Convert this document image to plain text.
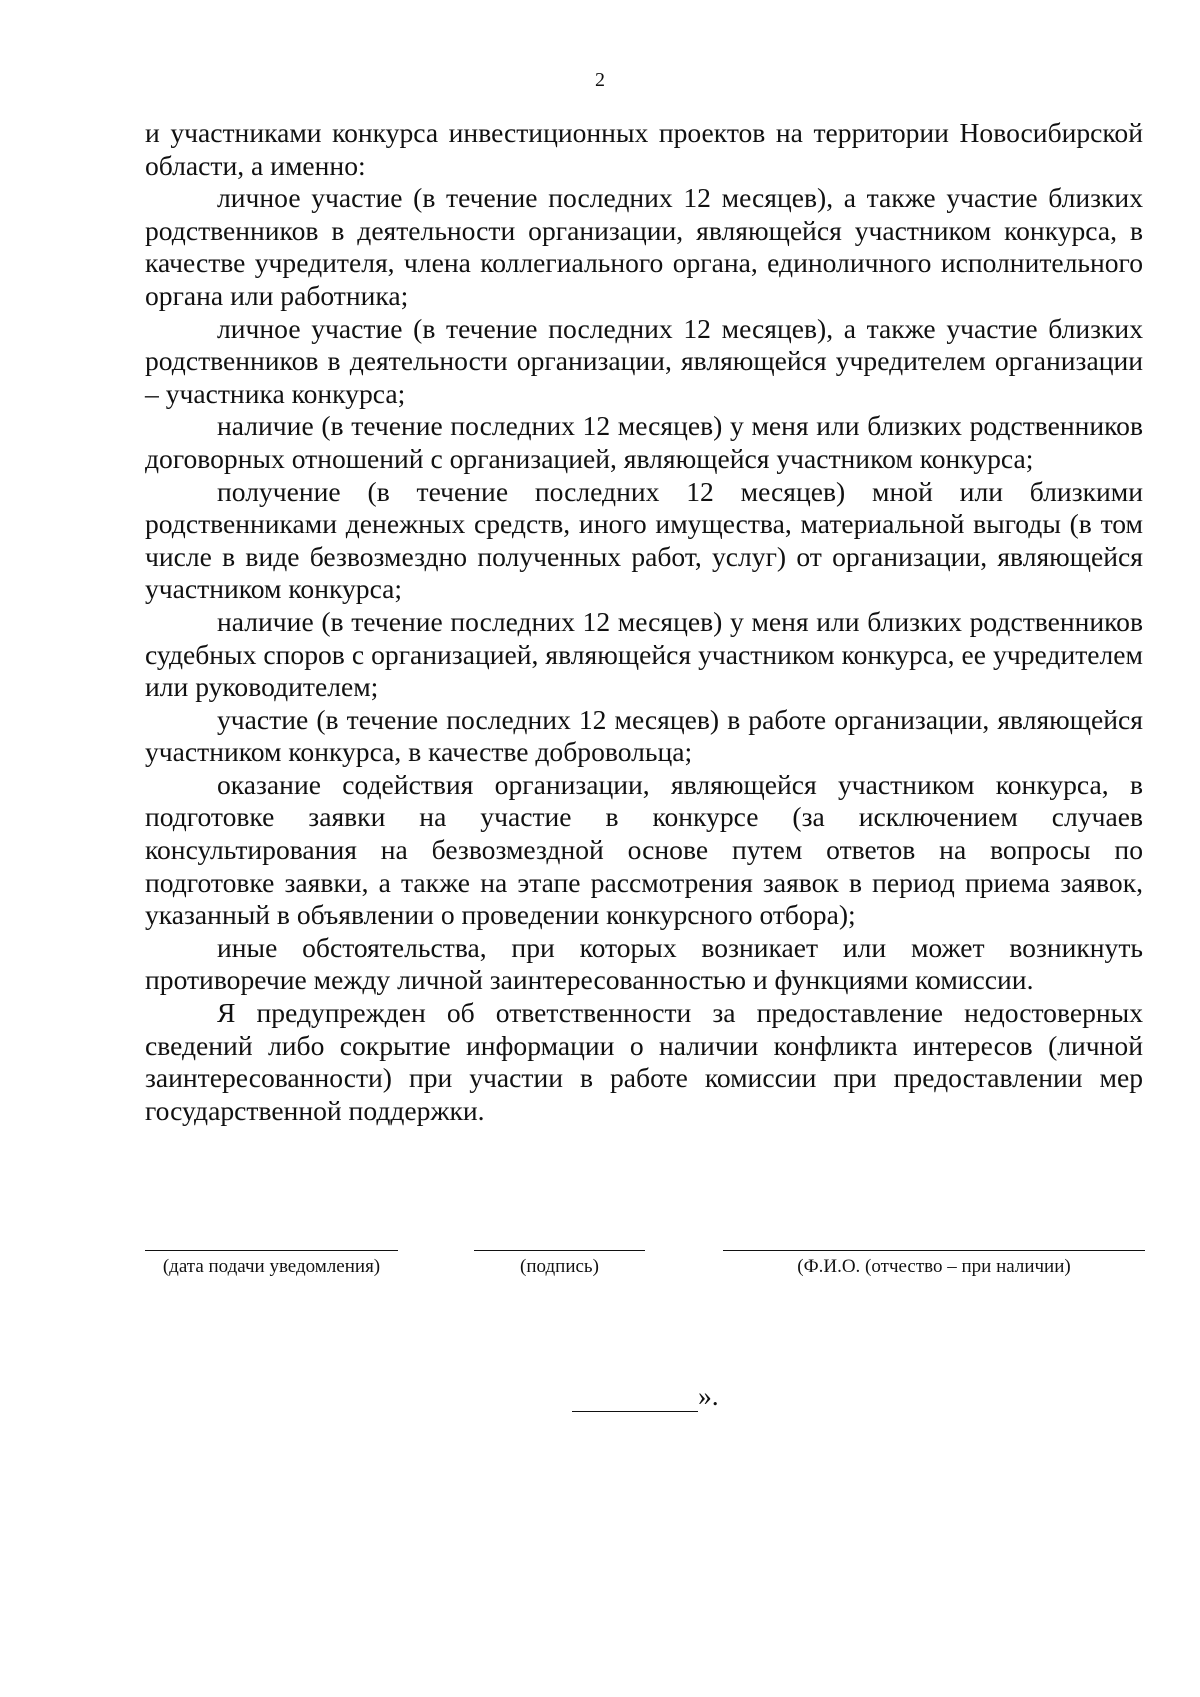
2

и участниками конкурса инвестиционных проектов на территории Новосибирской области, а именно:

личное участие (в течение последних 12 месяцев), а также участие близких родственников в деятельности организации, являющейся участником конкурса, в качестве учредителя, члена коллегиального органа, единоличного исполнительного органа или работника;

личное участие (в течение последних 12 месяцев), а также участие близких родственников в деятельности организации, являющейся учредителем организации – участника конкурса;

наличие (в течение последних 12 месяцев) у меня или близких родственников договорных отношений с организацией, являющейся участником конкурса;

получение (в течение последних 12 месяцев) мной или близкими родственниками денежных средств, иного имущества, материальной выгоды (в том числе в виде безвозмездно полученных работ, услуг) от организации, являющейся участником конкурса;

наличие (в течение последних 12 месяцев) у меня или близких родственников судебных споров с организацией, являющейся участником конкурса, ее учредителем или руководителем;

участие (в течение последних 12 месяцев) в работе организации, являющейся участником конкурса, в качестве добровольца;

оказание содействия организации, являющейся участником конкурса, в подготовке заявки на участие в конкурсе (за исключением случаев консультирования на безвозмездной основе путем ответов на вопросы по подготовке заявки, а также на этапе рассмотрения заявок в период приема заявок, указанный в объявлении о проведении конкурсного отбора);

иные обстоятельства, при которых возникает или может возникнуть противоречие между личной заинтересованностью и функциями комиссии.

Я предупрежден об ответственности за предоставление недостоверных сведений либо сокрытие информации о наличии конфликта интересов (личной заинтересованности) при участии в работе комиссии при предоставлении мер государственной поддержки.

(дата подачи уведомления)	(подпись)	(Ф.И.О. (отчество – при наличии)
».
